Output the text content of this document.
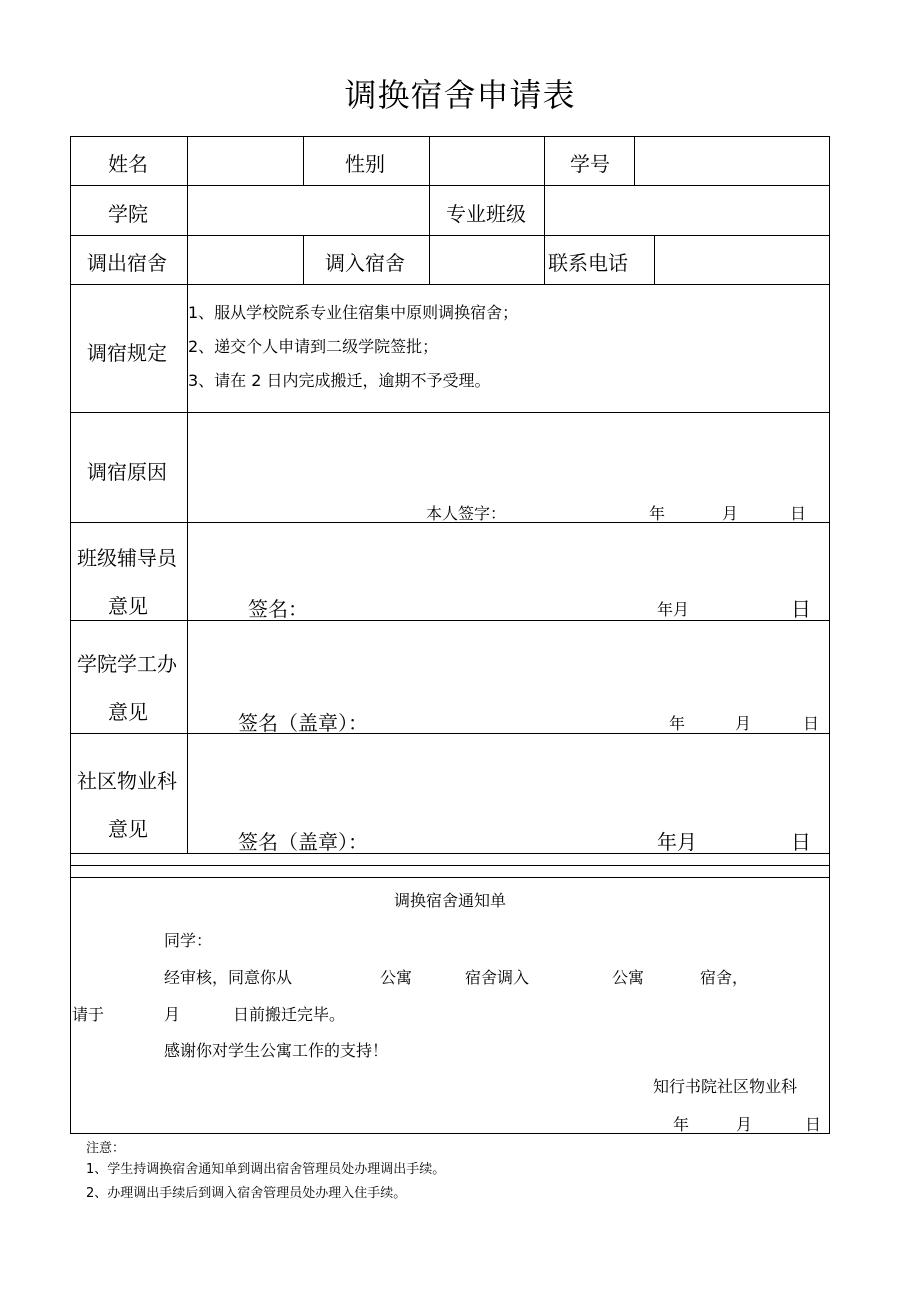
调换宿舍申请表
姓名	性别	学号
学院	专业班级
调出宿舍	调入宿舍	联系电话
调宿规定
1、服从学校院系专业住宿集中原则调换宿舍；
2、递交个人申请到二级学院签批；
3、请在 2 日内完成搬迁，逾期不予受理。
调宿原因
本人签字：	年	月	日
班级辅导员
意见	签名：	年月	日
学院学工办
意见	签名（盖章）：	年	月	日
社区物业科
意见
签名（盖章）：	年月	日
调换宿舍通知单
同学：
经审核，同意你从	公寓	宿舍调入	公寓	宿舍，
请于	月	日前搬迁完毕。
感谢你对学生公寓工作的支持！
知行书院社区物业科
年	月	日
注意：
1、学生持调换宿舍通知单到调出宿舍管理员处办理调出手续。
2、办理调出手续后到调入宿舍管理员处办理入住手续。
